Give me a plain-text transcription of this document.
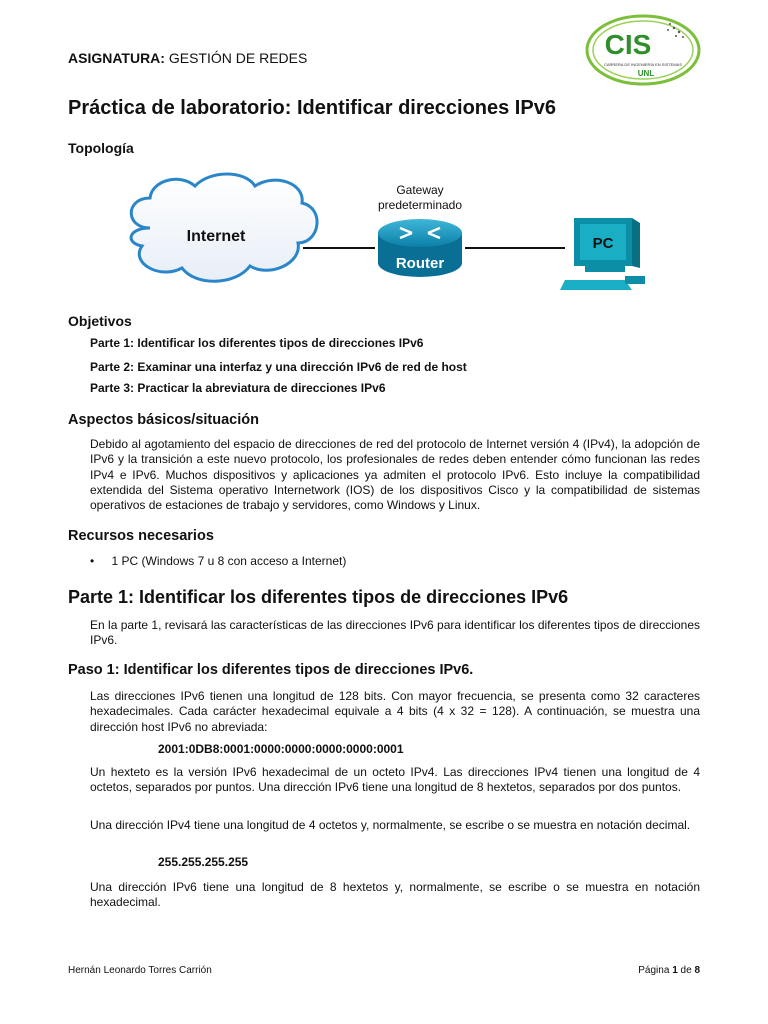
ASIGNATURA: GESTIÓN DE REDES	CIS
CARRERA DE INGENIERÍA EN SISTEMAS
UNL
Práctica de laboratorio: Identificar direcciones IPv6
Topología
Internet
Gateway
predeterminado
Router
PC
Objetivos
Parte 1: Identificar los diferentes tipos de direcciones IPv6
Parte 2: Examinar una interfaz y una dirección IPv6 de red de host
Parte 3: Practicar la abreviatura de direcciones IPv6
Aspectos básicos/situación

Debido al agotamiento del espacio de direcciones de red del protocolo de Internet versión 4 (IPv4), la adopción de IPv6 y la transición a este nuevo protocolo, los profesionales de redes deben entender cómo funcionan las redes IPv4 e IPv6. Muchos dispositivos y aplicaciones ya admiten el protocolo IPv6. Esto incluye la compatibilidad extendida del Sistema operativo Internetwork (IOS) de los dispositivos Cisco y la compatibilidad de sistemas operativos de estaciones de trabajo y servidores, como Windows y Linux.

Recursos necesarios
• 1 PC (Windows 7 u 8 con acceso a Internet)
Parte 1: Identificar los diferentes tipos de direcciones IPv6

En la parte 1, revisará las características de las direcciones IPv6 para identificar los diferentes tipos de direcciones IPv6.

Paso 1: Identificar los diferentes tipos de direcciones IPv6.

Las direcciones IPv6 tienen una longitud de 128 bits. Con mayor frecuencia, se presenta como 32 caracteres hexadecimales. Cada carácter hexadecimal equivale a 4 bits (4 x 32 = 128). A continuación, se muestra una dirección host IPv6 no abreviada:

2001:0DB8:0001:0000:0000:0000:0000:0001

Un hexteto es la versión IPv6 hexadecimal de un octeto IPv4. Las direcciones IPv4 tienen una longitud de 4 octetos, separados por puntos. Una dirección IPv6 tiene una longitud de 8 hextetos, separados por dos puntos.

Una dirección IPv4 tiene una longitud de 4 octetos y, normalmente, se escribe o se muestra en notación decimal.

255.255.255.255

Una dirección IPv6 tiene una longitud de 8 hextetos y, normalmente, se escribe o se muestra en notación hexadecimal.

Hernán Leonardo Torres Carrión	Página 1 de 8
